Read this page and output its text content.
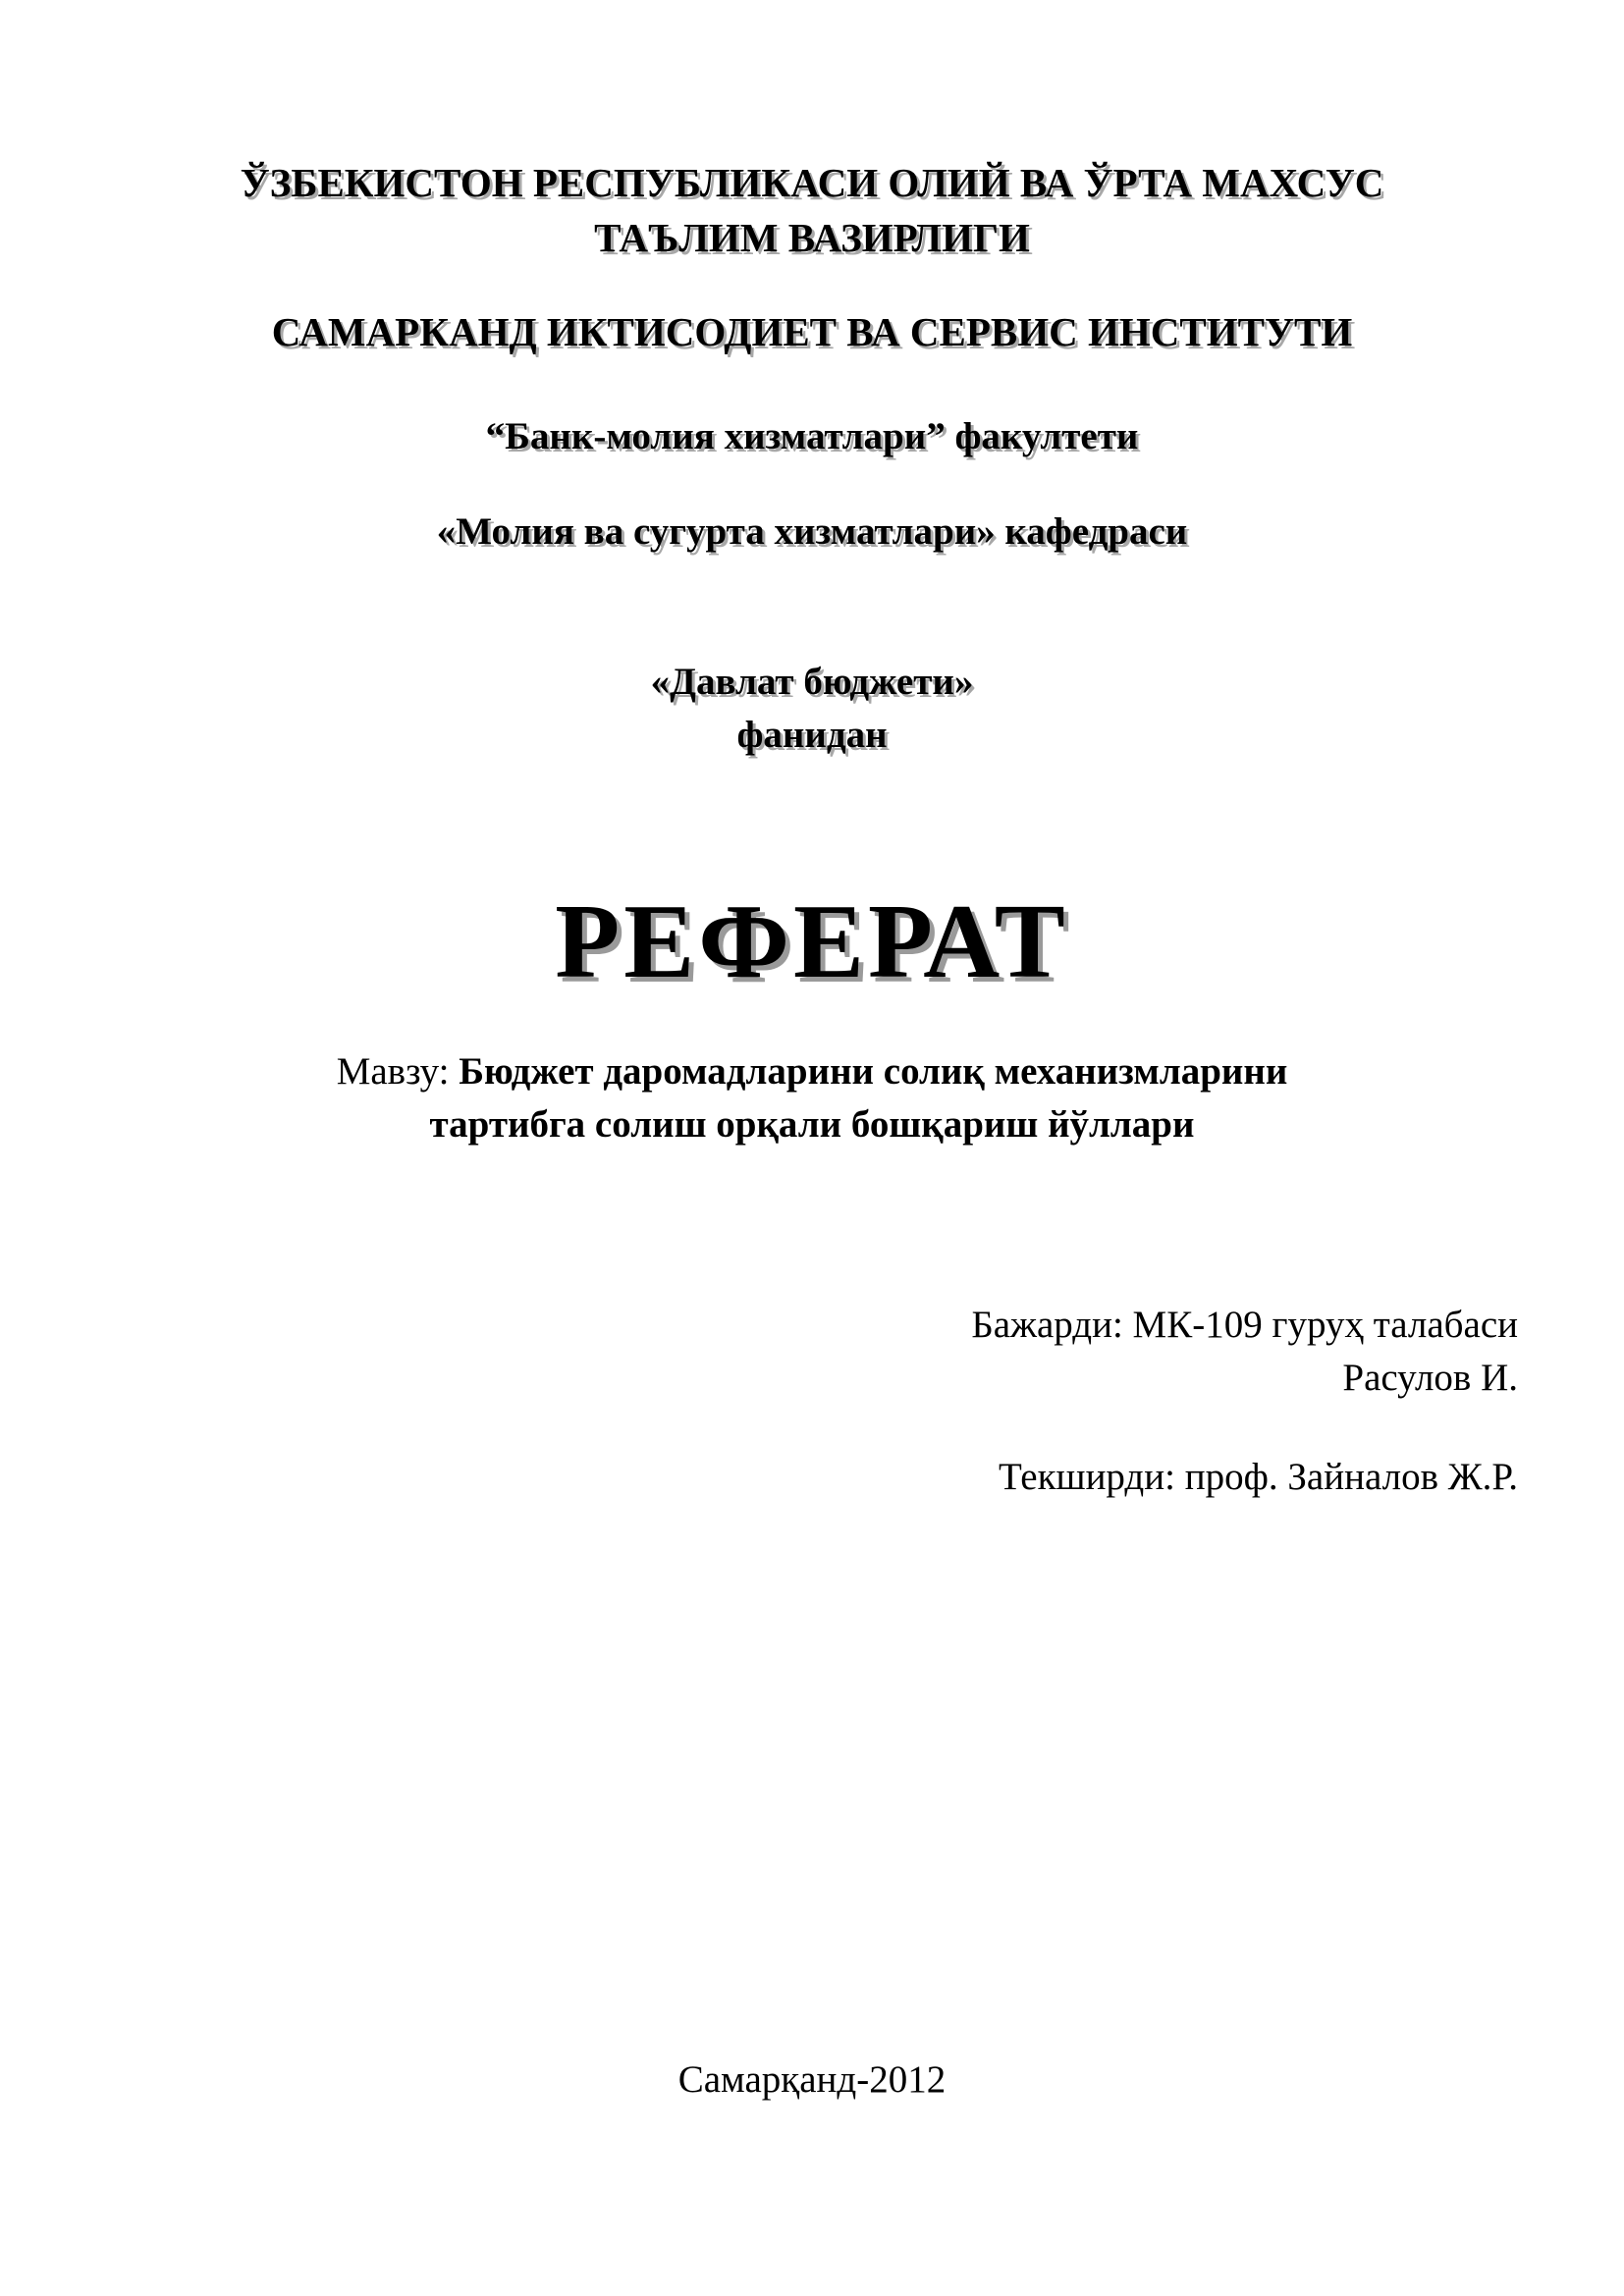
ЎЗБЕКИСТОН РЕСПУБЛИКАСИ ОЛИЙ ВА ЎРТА МАХСУС
ТАЪЛИМ ВАЗИРЛИГИ
САМАРКАНД ИКТИСОДИЕТ ВА СЕРВИС ИНСТИТУТИ
“Банк-молия хизматлари” факултети
«Молия ва сугурта хизматлари» кафедраси
«Давлат бюджети»
фанидан
РЕФЕРАТ
Мавзу: Бюджет даромадларини солиқ механизмларини
тартибга солиш орқали бошқариш йўллари
Бажарди: МК-109 гуруҳ талабаси
Расулов И.
Текширди: проф. Зайналов Ж.Р.
Самарқанд-2012
